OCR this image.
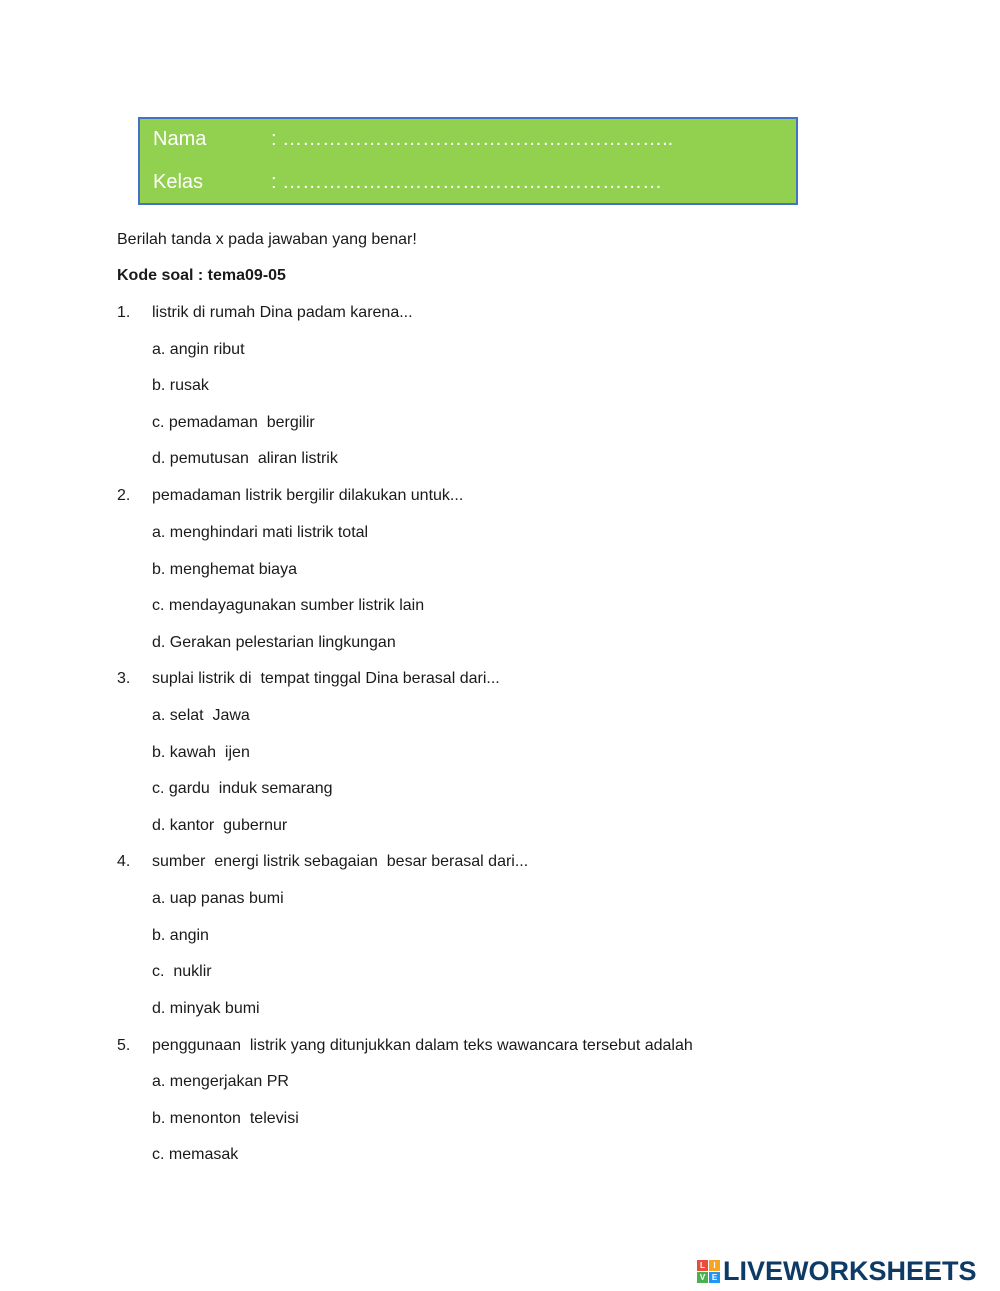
Nama	: …………………………………………………..
Kelas	: …………………………………………………
Berilah tanda x pada jawaban yang benar!
Kode soal : tema09-05
1. listrik di rumah Dina padam karena...
a. angin ribut
b. rusak
c. pemadaman  bergilir
d. pemutusan  aliran listrik
2. pemadaman listrik bergilir dilakukan untuk...
a. menghindari mati listrik total
b. menghemat biaya
c. mendayagunakan sumber listrik lain
d. Gerakan pelestarian lingkungan
3. suplai listrik di  tempat tinggal Dina berasal dari...
a. selat  Jawa
b. kawah  ijen
c. gardu  induk semarang
d. kantor  gubernur
4. sumber  energi listrik sebagaian  besar berasal dari...
a. uap panas bumi
b. angin
c.  nuklir
d. minyak bumi
5. penggunaan  listrik yang ditunjukkan dalam teks wawancara tersebut adalah
a. mengerjakan PR
b. menonton  televisi
c. memasak
L	I
V E LIVEWORKSHEETS
